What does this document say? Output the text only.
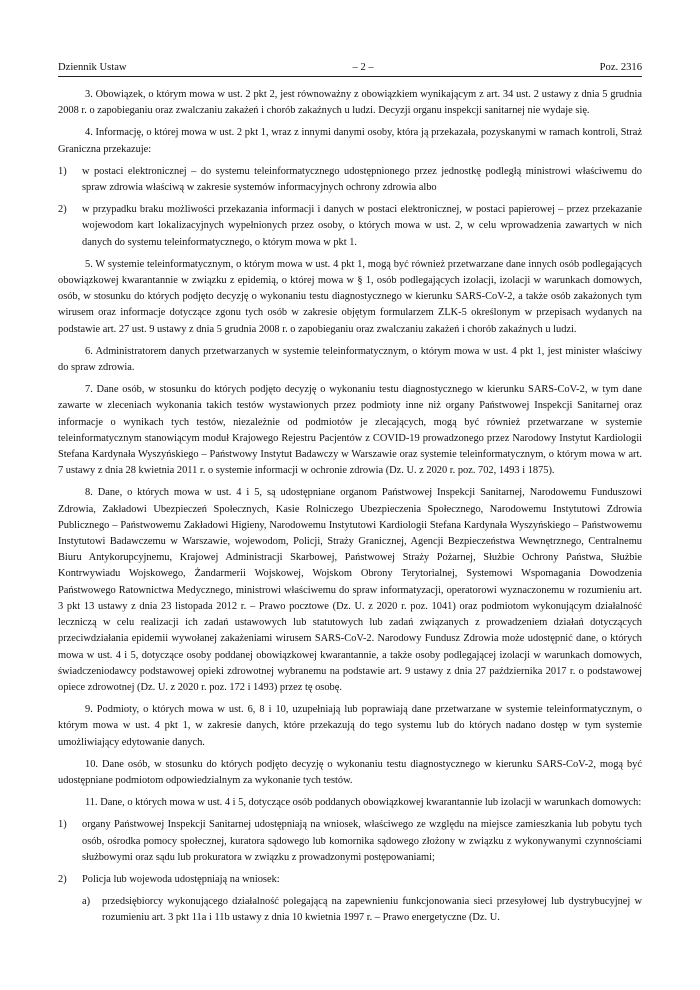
Dziennik Ustaw	– 2 –	Poz. 2316

3. Obowiązek, o którym mowa w ust. 2 pkt 2, jest równoważny z obowiązkiem wynikającym z art. 34 ust. 2 ustawy z dnia 5 grudnia 2008 r. o zapobieganiu oraz zwalczaniu zakażeń i chorób zakaźnych u ludzi. Decyzji organu inspekcji sanitarnej nie wydaje się.

4. Informację, o której mowa w ust. 2 pkt 1, wraz z innymi danymi osoby, która ją przekazała, pozyskanymi w ramach kontroli, Straż Graniczna przekazuje:

1)	w postaci elektronicznej – do systemu teleinformatycznego udostępnionego przez jednostkę podległą ministrowi właściwemu do spraw zdrowia właściwą w zakresie systemów informacyjnych ochrony zdrowia albo
2)	w przypadku braku możliwości przekazania informacji i danych w postaci elektronicznej, w postaci papierowej – przez przekazanie wojewodom kart lokalizacyjnych wypełnionych przez osoby, o których mowa w ust. 2, w celu wprowadzenia zawartych w nich danych do systemu teleinformatycznego, o którym mowa w pkt 1.

5. W systemie teleinformatycznym, o którym mowa w ust. 4 pkt 1, mogą być również przetwarzane dane innych osób podlegających obowiązkowej kwarantannie w związku z epidemią, o której mowa w § 1, osób podlegających izolacji, izolacji w warunkach domowych, osób, w stosunku do których podjęto decyzję o wykonaniu testu diagnostycznego w kierunku SARS-CoV-2, a także osób zakażonych tym wirusem oraz informacje dotyczące zgonu tych osób w zakresie objętym formularzem ZLK-5 określonym w przepisach wydanych na podstawie art. 27 ust. 9 ustawy z dnia 5 grudnia 2008 r. o zapobieganiu oraz zwalczaniu zakażeń i chorób zakaźnych u ludzi.

6. Administratorem danych przetwarzanych w systemie teleinformatycznym, o którym mowa w ust. 4 pkt 1, jest minister właściwy do spraw zdrowia.

7. Dane osób, w stosunku do których podjęto decyzję o wykonaniu testu diagnostycznego w kierunku SARS-CoV-2, w tym dane zawarte w zleceniach wykonania takich testów wystawionych przez podmioty inne niż organy Państwowej Inspekcji Sanitarnej oraz informacje o wynikach tych testów, niezależnie od podmiotów je zlecających, mogą być również przetwarzane w systemie teleinformatycznym stanowiącym moduł Krajowego Rejestru Pacjentów z COVID-19 prowadzonego przez Narodowy Instytut Kardiologii Stefana Kardynała Wyszyńskiego – Państwowy Instytut Badawczy w Warszawie oraz systemie teleinformatycznym, o którym mowa w art. 7 ustawy z dnia 28 kwietnia 2011 r. o systemie informacji w ochronie zdrowia (Dz. U. z 2020 r. poz. 702, 1493 i 1875).

8. Dane, o których mowa w ust. 4 i 5, są udostępniane organom Państwowej Inspekcji Sanitarnej, Narodowemu Funduszowi Zdrowia, Zakładowi Ubezpieczeń Społecznych, Kasie Rolniczego Ubezpieczenia Społecznego, Narodowemu Instytutowi Zdrowia Publicznego – Państwowemu Zakładowi Higieny, Narodowemu Instytutowi Kardiologii Stefana Kardynała Wyszyńskiego – Państwowemu Instytutowi Badawczemu w Warszawie, wojewodom, Policji, Straży Granicznej, Agencji Bezpieczeństwa Wewnętrznego, Centralnemu Biuru Antykorupcyjnemu, Krajowej Administracji Skarbowej, Państwowej Straży Pożarnej, Służbie Ochrony Państwa, Służbie Kontrwywiadu Wojskowego, Żandarmerii Wojskowej, Wojskom Obrony Terytorialnej, Systemowi Wspomagania Dowodzenia Państwowego Ratownictwa Medycznego, ministrowi właściwemu do spraw informatyzacji, operatorowi wyznaczonemu w rozumieniu art. 3 pkt 13 ustawy z dnia 23 listopada 2012 r. – Prawo pocztowe (Dz. U. z 2020 r. poz. 1041) oraz podmiotom wykonującym działalność leczniczą w celu realizacji ich zadań ustawowych lub statutowych lub zadań związanych z prowadzeniem działań dotyczących przeciwdziałania epidemii wywołanej zakażeniami wirusem SARS-CoV-2. Narodowy Fundusz Zdrowia może udostępnić dane, o których mowa w ust. 4 i 5, dotyczące osoby poddanej obowiązkowej kwarantannie, a także osoby podlegającej izolacji w warunkach domowych, świadczeniodawcy podstawowej opieki zdrowotnej wybranemu na podstawie art. 9 ustawy z dnia 27 października 2017 r. o podstawowej opiece zdrowotnej (Dz. U. z 2020 r. poz. 172 i 1493) przez tę osobę.

9. Podmioty, o których mowa w ust. 6, 8 i 10, uzupełniają lub poprawiają dane przetwarzane w systemie teleinformatycznym, o którym mowa w ust. 4 pkt 1, w zakresie danych, które przekazują do tego systemu lub do których nadano dostęp w tym systemie umożliwiający edytowanie danych.

10. Dane osób, w stosunku do których podjęto decyzję o wykonaniu testu diagnostycznego w kierunku SARS-CoV-2, mogą być udostępniane podmiotom odpowiedzialnym za wykonanie tych testów.

11. Dane, o których mowa w ust. 4 i 5, dotyczące osób poddanych obowiązkowej kwarantannie lub izolacji w warunkach domowych:

1)	organy Państwowej Inspekcji Sanitarnej udostępniają na wniosek, właściwego ze względu na miejsce zamieszkania lub pobytu tych osób, ośrodka pomocy społecznej, kuratora sądowego lub komornika sądowego złożony w związku z wykonywanymi czynnościami służbowymi oraz sądu lub prokuratora w związku z prowadzonymi postępowaniami;
2)	Policja lub wojewoda udostępniają na wniosek:
a)	przedsiębiorcy wykonującego działalność polegającą na zapewnieniu funkcjonowania sieci przesyłowej lub dystrybucyjnej w rozumieniu art. 3 pkt 11a i 11b ustawy z dnia 10 kwietnia 1997 r. – Prawo energetyczne (Dz. U.
